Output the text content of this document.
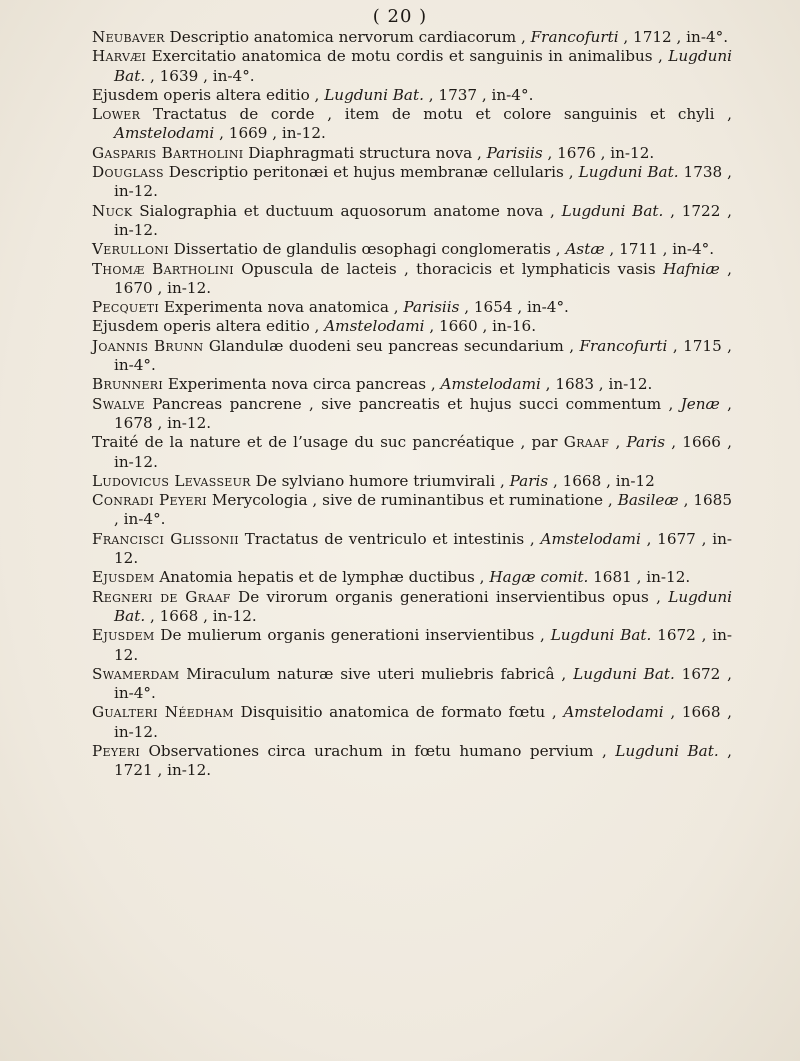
( 20 )
Neubaver Descriptio anatomica nervorum cardiacorum , Francofurti , 1712 , in-4°.
Harvæi Exercitatio anatomica de motu cordis et sanguinis in animalibus , Lugduni Bat. , 1639 , in-4°.
Ejusdem operis altera editio , Lugduni Bat. , 1737 , in-4°.
Lower Tractatus de corde , item de motu et colore sanguinis et chyli , Amstelodami , 1669 , in-12.
Gasparis Bartholini Diaphragmati structura nova , Parisiis , 1676 , in-12.
Douglass Descriptio peritonæi et hujus membranæ cellularis , Lugduni Bat. 1738 , in-12.
Nuck Sialographia et ductuum aquosorum anatome nova , Lugduni Bat. , 1722 , in-12.
Verulloni Dissertatio de glandulis œsophagi conglomeratis , Astæ , 1711 , in-4°.
Thomæ Bartholini Opuscula de lacteis , thoracicis et lymphaticis vasis Hafniæ , 1670 , in-12.
Pecqueti Experimenta nova anatomica , Parisiis , 1654 , in-4°.
Ejusdem operis altera editio , Amstelodami , 1660 , in-16.
Joannis Brunn Glandulæ duodeni seu pancreas secundarium , Francofurti , 1715 , in-4°.
Brunneri Experimenta nova circa pancreas , Amstelodami , 1683 , in-12.
Swalve Pancreas pancrene , sive pancreatis et hujus succi commentum , Jenæ , 1678 , in-12.
Traité de la nature et de l’usage du suc pancréatique , par Graaf , Paris , 1666 , in-12.
Ludovicus Levasseur De sylviano humore triumvirali , Paris , 1668 , in-12
Conradi Peyeri Merycologia , sive de ruminantibus et ruminatione , Basileæ , 1685 , in-4°.
Francisci Glissonii Tractatus de ventriculo et intestinis , Amstelodami , 1677 , in-12.
Ejusdem Anatomia hepatis et de lymphæ ductibus , Hagæ comit. 1681 , in-12.
Regneri de Graaf De virorum organis generationi inservientibus opus , Lugduni Bat. , 1668 , in-12.
Ejusdem De mulierum organis generationi inservientibus , Lugduni Bat. 1672 , in-12.
Swamerdam Miraculum naturæ sive uteri muliebris fabricâ , Lugduni Bat. 1672 , in-4°.
Gualteri Néedham Disquisitio anatomica de formato fœtu , Amstelodami , 1668 , in-12.
Peyeri Observationes circa urachum in fœtu humano pervium , Lugduni Bat. , 1721 , in-12.
